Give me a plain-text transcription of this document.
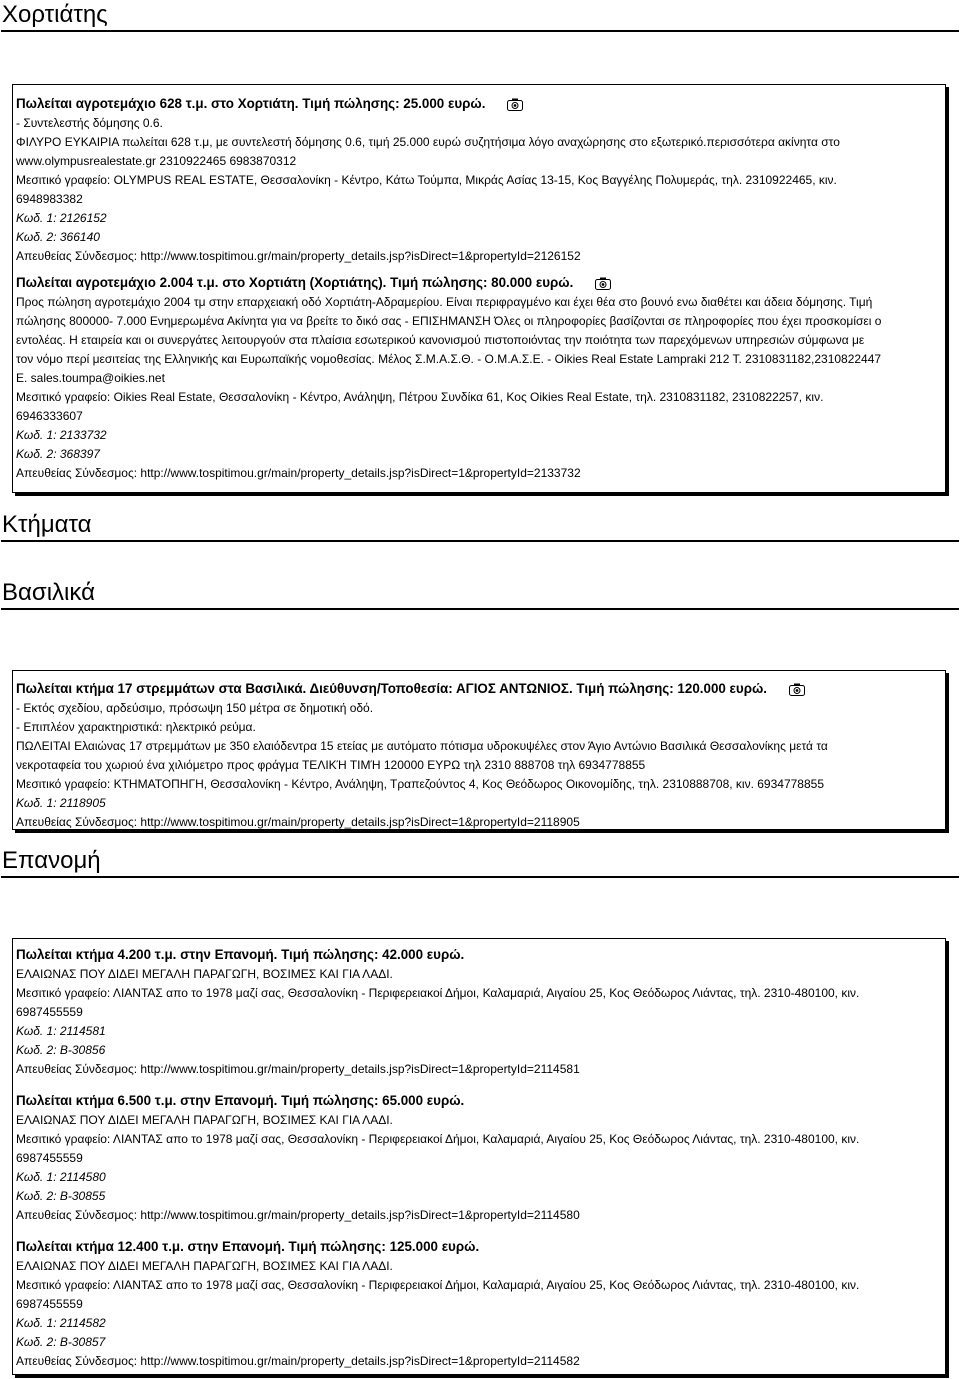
Χορτιάτης
Πωλείται αγροτεμάχιο 628 τ.μ. στο Χορτιάτη. Τιμή πώλησης: 25.000 ευρώ.
- Συντελεστής δόμησης 0.6.
ΦΙΛΥΡΟ ΕΥΚΑΙΡΙΑ πωλείται 628 τ.μ, με συντελεστή δόμησης 0.6, τιμή 25.000 ευρώ συζητήσιμα λόγο αναχώρησης στο εξωτερικό.περισσότερα ακίνητα στο
www.olympusrealestate.gr 2310922465 6983870312
Μεσιτικό γραφείο: OLYMPUS REAL ESTATE, Θεσσαλονίκη - Κέντρο, Κάτω Τούμπα, Μικράς Ασίας 13-15, Κος Βαγγέλης Πολυμεράς, τηλ. 2310922465, κιν.
6948983382
Κωδ. 1: 2126152
Κωδ. 2: 366140
Απευθείας Σύνδεσμος: http://www.tospitimou.gr/main/property_details.jsp?isDirect=1&propertyId=2126152
Πωλείται αγροτεμάχιο 2.004 τ.μ. στο Χορτιάτη (Χορτιάτης). Τιμή πώλησης: 80.000 ευρώ.
Προς πώληση αγροτεμάχιο 2004 τμ στην επαρχειακή οδό Χορτιάτη-Αδραμερίου. Είναι περιφραγμένο και έχει θέα στο βουνό ενω διαθέτει και άδεια δόμησης. Τιμή
πώλησης 800000- 7.000 Ενημερωμένα Ακίνητα για να βρείτε το δικό σας - ΕΠΙΣΗΜΑΝΣΗ Όλες οι πληροφορίες βασίζονται σε πληροφορίες που έχει προσκομίσει ο
εντολέας. Η εταιρεία και οι συνεργάτες λειτουργούν στα πλαίσια εσωτερικού κανονισμού πιστοποιόντας την ποιότητα των παρεχόμενων υπηρεσιών σύμφωνα με
τον νόμο περί μεσιτείας της Ελληνικής και Ευρωπαϊκής νομοθεσίας. Μέλος Σ.Μ.Α.Σ.Θ. - Ο.Μ.Α.Σ.Ε. - Oikies Real Estate Lampraki 212 T. 2310831182,2310822447
E. sales.toumpa@oikies.net
Μεσιτικό γραφείο: Oikies Real Estate, Θεσσαλονίκη - Κέντρο, Ανάληψη, Πέτρου Συνδίκα 61, Κος Oikies Real Estate, τηλ. 2310831182, 2310822257, κιν.
6946333607
Κωδ. 1: 2133732
Κωδ. 2: 368397
Απευθείας Σύνδεσμος: http://www.tospitimou.gr/main/property_details.jsp?isDirect=1&propertyId=2133732
Κτήματα
Βασιλικά
Πωλείται κτήμα 17 στρεμμάτων στα Βασιλικά. Διεύθυνση/Τοποθεσία: ΑΓΙΟΣ ΑΝΤΩΝΙΟΣ. Τιμή πώλησης: 120.000 ευρώ.
- Εκτός σχεδίου, αρδεύσιμο, πρόσωψη 150 μέτρα σε δημοτική οδό.
- Επιπλέον χαρακτηριστικά: ηλεκτρικό ρεύμα.
ΠΩΛΕΙΤΑΙ Ελαιώνας 17 στρεμμάτων με 350 ελαιόδεντρα 15 ετείας με αυτόματο πότισμα υδροκυψέλες στον Άγιο Αντώνιο Βασιλικά Θεσσαλονίκης μετά τα
νεκροταφεία του χωριού ένα χιλιόμετρο προς φράγμα ΤΕΛΙΚΉ ΤΙΜΉ 120000 ΕΥΡΩ τηλ 2310 888708 τηλ 6934778855
Μεσιτικό γραφείο: ΚΤΗΜΑΤΟΠΗΓΗ, Θεσσαλονίκη - Κέντρο, Ανάληψη, Τραπεζούντος 4, Κος Θεόδωρος Οικονομίδης, τηλ. 2310888708, κιν. 6934778855
Κωδ. 1: 2118905
Απευθείας Σύνδεσμος: http://www.tospitimou.gr/main/property_details.jsp?isDirect=1&propertyId=2118905
Επανομή
Πωλείται κτήμα 4.200 τ.μ. στην Επανομή. Τιμή πώλησης: 42.000 ευρώ.
ΕΛΑΙΩΝΑΣ ΠΟΥ ΔΙΔΕΙ ΜΕΓΑΛΗ ΠΑΡΑΓΩΓΗ, ΒΟΣΙΜΕΣ ΚΑΙ ΓΙΑ ΛΑΔΙ.
Μεσιτικό γραφείο: ΛΙΑΝΤΑΣ απο το 1978 μαζί σας, Θεσσαλονίκη - Περιφερειακοί Δήμοι, Καλαμαριά, Αιγαίου 25, Κος Θεόδωρος Λιάντας, τηλ. 2310-480100, κιν.
6987455559
Κωδ. 1: 2114581
Κωδ. 2: Β-30856
Απευθείας Σύνδεσμος: http://www.tospitimou.gr/main/property_details.jsp?isDirect=1&propertyId=2114581
Πωλείται κτήμα 6.500 τ.μ. στην Επανομή. Τιμή πώλησης: 65.000 ευρώ.
ΕΛΑΙΩΝΑΣ ΠΟΥ ΔΙΔΕΙ ΜΕΓΑΛΗ ΠΑΡΑΓΩΓΗ, ΒΟΣΙΜΕΣ ΚΑΙ ΓΙΑ ΛΑΔΙ.
Μεσιτικό γραφείο: ΛΙΑΝΤΑΣ απο το 1978 μαζί σας, Θεσσαλονίκη - Περιφερειακοί Δήμοι, Καλαμαριά, Αιγαίου 25, Κος Θεόδωρος Λιάντας, τηλ. 2310-480100, κιν.
6987455559
Κωδ. 1: 2114580
Κωδ. 2: Β-30855
Απευθείας Σύνδεσμος: http://www.tospitimou.gr/main/property_details.jsp?isDirect=1&propertyId=2114580
Πωλείται κτήμα 12.400 τ.μ. στην Επανομή. Τιμή πώλησης: 125.000 ευρώ.
ΕΛΑΙΩΝΑΣ ΠΟΥ ΔΙΔΕΙ ΜΕΓΑΛΗ ΠΑΡΑΓΩΓΗ, ΒΟΣΙΜΕΣ ΚΑΙ ΓΙΑ ΛΑΔΙ.
Μεσιτικό γραφείο: ΛΙΑΝΤΑΣ απο το 1978 μαζί σας, Θεσσαλονίκη - Περιφερειακοί Δήμοι, Καλαμαριά, Αιγαίου 25, Κος Θεόδωρος Λιάντας, τηλ. 2310-480100, κιν.
6987455559
Κωδ. 1: 2114582
Κωδ. 2: Β-30857
Απευθείας Σύνδεσμος: http://www.tospitimou.gr/main/property_details.jsp?isDirect=1&propertyId=2114582
